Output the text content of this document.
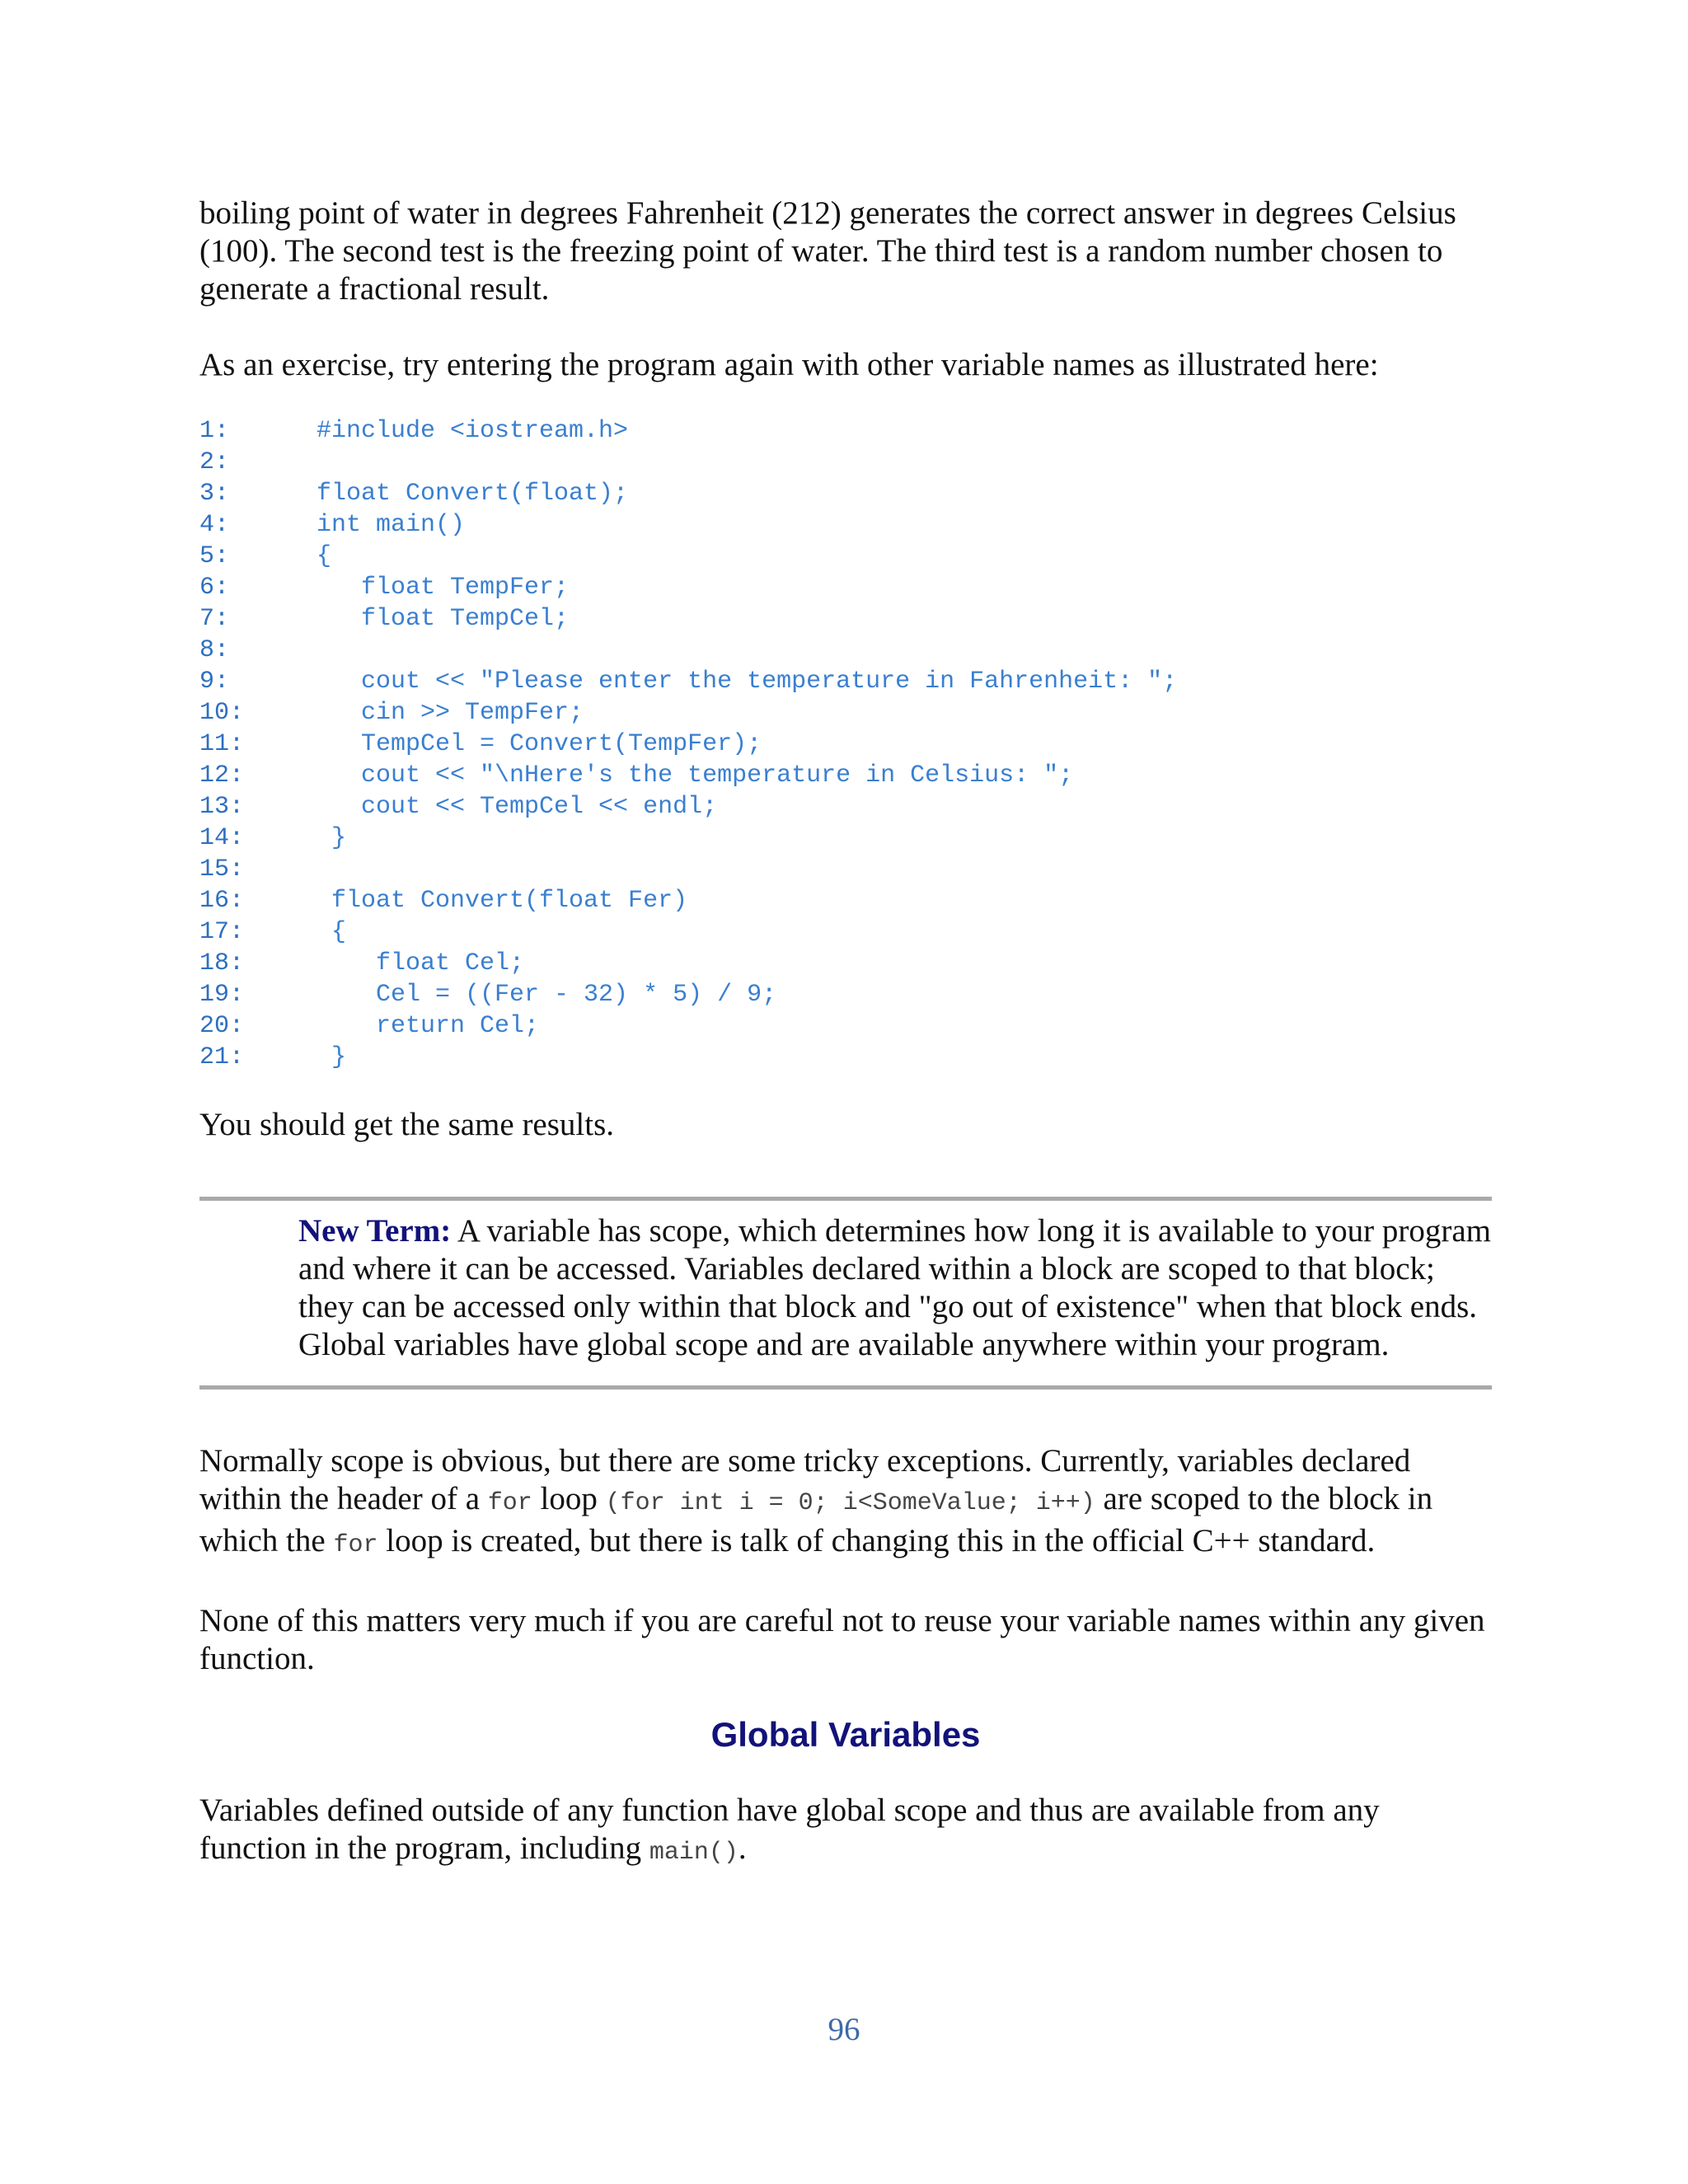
boiling point of water in degrees Fahrenheit (212) generates the correct answer in degrees Celsius (100). The second test is the freezing point of water. The third test is a random number chosen to generate a fractional result.

As an exercise, try entering the program again with other variable names as illustrated here:

1:	#include <iostream.h>
2:
3:	float Convert(float);
4:	int main()
5:	{
6:	float TempFer;
7:	float TempCel;
8:
9:	cout << "Please enter the temperature in Fahrenheit: ";
10:	cin >> TempFer;
11:	TempCel = Convert(TempFer);
12:	cout << "\nHere's the temperature in Celsius: ";
13:	cout << TempCel << endl;
14:	}
15:
16:	float Convert(float Fer)
17:	{
18:	float Cel;
19:	Cel = ((Fer - 32) * 5) / 9;
20:	return Cel;
21:	}

You should get the same results.

New Term: A variable has scope, which determines how long it is available to your program and where it can be accessed. Variables declared within a block are scoped to that block; they can be accessed only within that block and "go out of existence" when that block ends. Global variables have global scope and are available anywhere within your program.

Normally scope is obvious, but there are some tricky exceptions. Currently, variables declared within the header of a for loop (for int i = 0; i<SomeValue; i++) are scoped to the block in which the for loop is created, but there is talk of changing this in the official C++ standard.

None of this matters very much if you are careful not to reuse your variable names within any given function.

Global Variables

Variables defined outside of any function have global scope and thus are available from any function in the program, including main().

96
